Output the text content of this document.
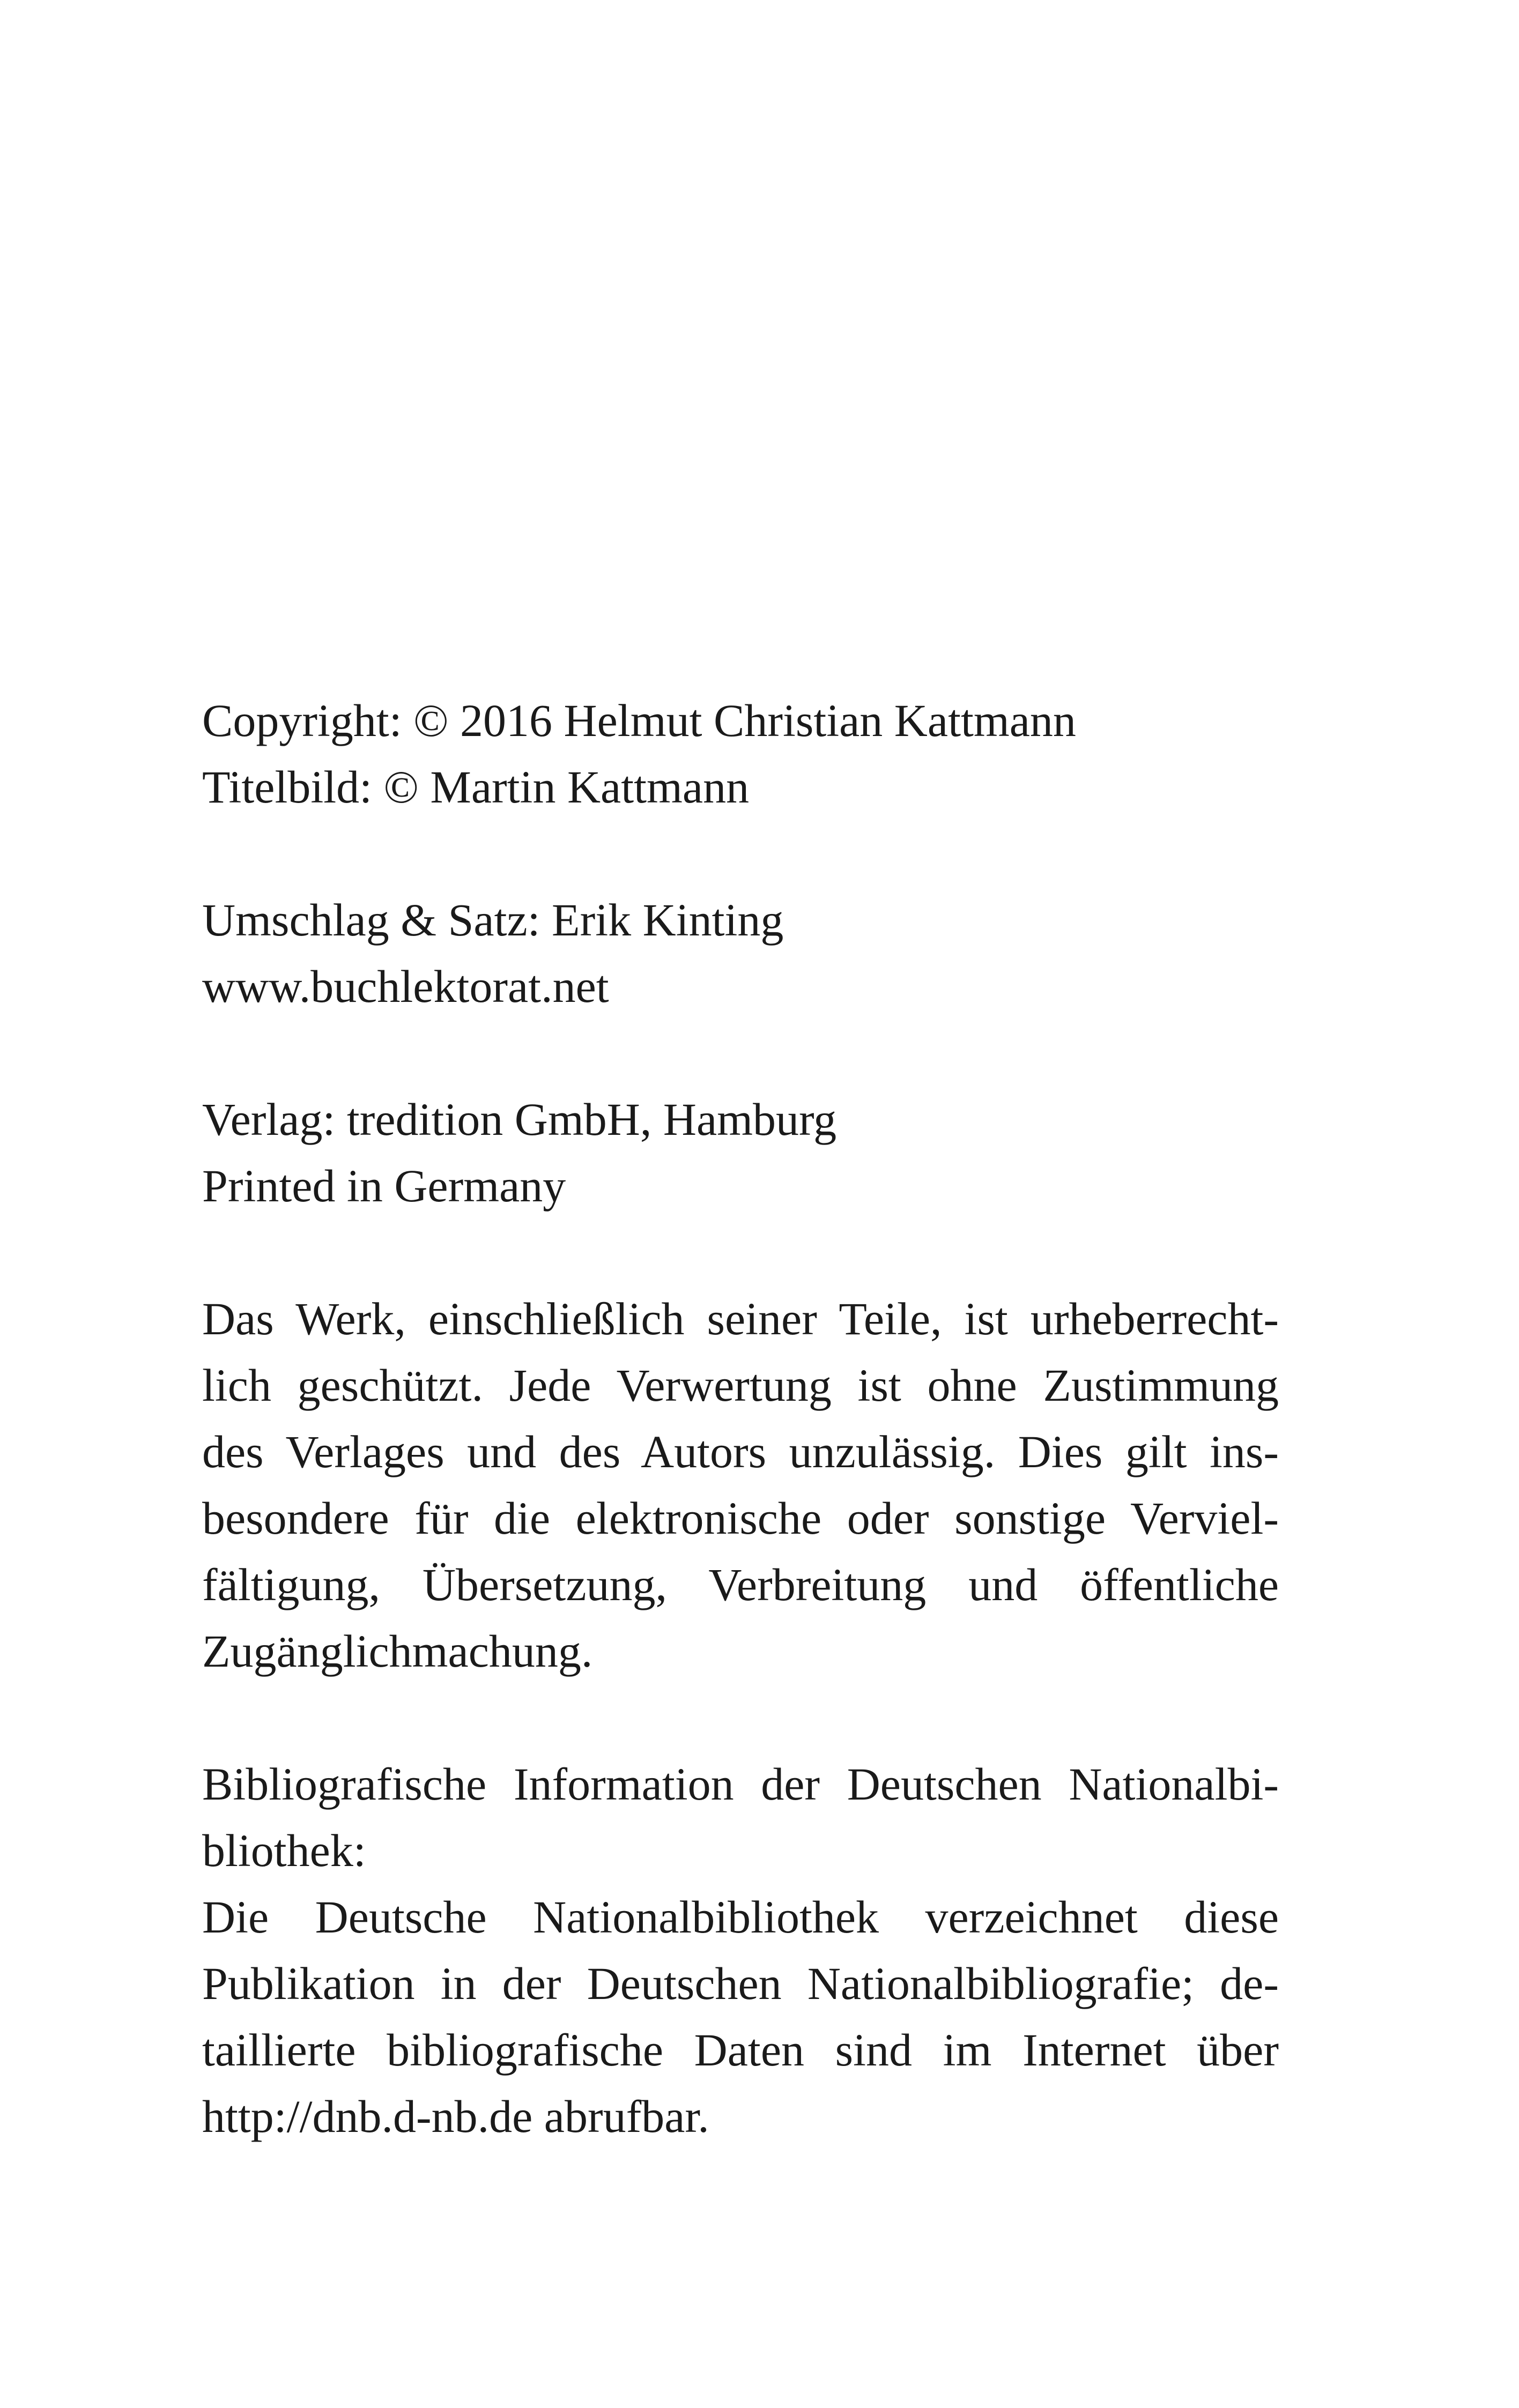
Copyright: © 2016 Helmut Christian Kattmann
Titelbild: © Martin Kattmann
Umschlag & Satz: Erik Kinting
www.buchlektorat.net
Verlag: tredition GmbH, Hamburg
Printed in Germany
Das Werk, einschließlich seiner Teile, ist urheberrecht-
lich geschützt. Jede Verwertung ist ohne Zustimmung
des Verlages und des Autors unzulässig. Dies gilt ins-
besondere für die elektronische oder sonstige Verviel-
fältigung, Übersetzung, Verbreitung und öffentliche
Zugänglichmachung.
Bibliografische Information der Deutschen Nationalbi-
bliothek:
Die Deutsche Nationalbibliothek verzeichnet diese
Publikation in der Deutschen Nationalbibliografie; de-
taillierte bibliografische Daten sind im Internet über
http://dnb.d-nb.de abrufbar.
